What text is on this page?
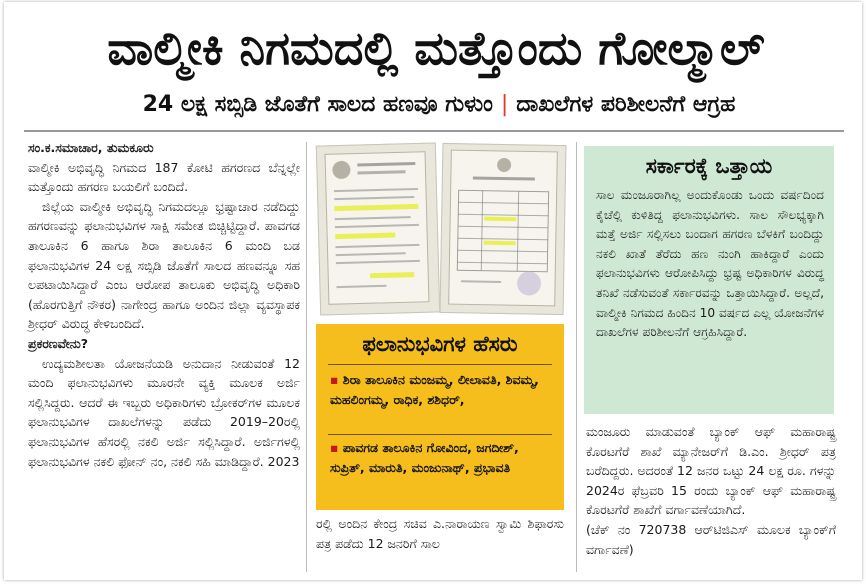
ವಾಲ್ಮೀಕಿ ನಿಗಮದಲ್ಲಿ ಮತ್ತೊಂದು ಗೋಲ್ಮಾಲ್
24 ಲಕ್ಷ ಸಬ್ಸಿಡಿ ಜೊತೆಗೆ ಸಾಲದ ಹಣವೂ ಗುಳುಂ | ದಾಖಲೆಗಳ ಪರಿಶೀಲನೆಗೆ ಆಗ್ರಹ

ಸಂ.ಕ.ಸಮಾಚಾರ, ತುಮಕೂರು

ವಾಲ್ಮೀಕಿ ಅಭಿವೃದ್ಧಿ ನಿಗಮದ 187 ಕೋಟಿ ಹಗರಣದ ಬೆನ್ನಲ್ಲೇ ಮತ್ತೊಂದು ಹಗರಣ ಬಯಲಿಗೆ ಬಂದಿದೆ.

ಜಿಲ್ಲೆಯ ವಾಲ್ಮೀಕಿ ಅಭಿವೃದ್ಧಿ ನಿಗಮದಲ್ಲೂ ಭ್ರಷ್ಟಾಚಾರ ನಡೆದಿದ್ದು ಹಗರಣವನ್ನು ಫಲಾನುಭವಿಗಳ ಸಾಕ್ಷಿ ಸಮೇತ ಬಿಚ್ಚಿಟ್ಟಿದ್ದಾರೆ. ಪಾವಗಡ ತಾಲೂಕಿನ 6 ಹಾಗೂ ಶಿರಾ ತಾಲೂಕಿನ 6 ಮಂದಿ ಬಡ ಫಲಾನುಭವಿಗಳ 24 ಲಕ್ಷ ಸಬ್ಸಿಡಿ ಜೊತೆಗೆ ಸಾಲದ ಹಣವನ್ನೂ ಸಹ ಲಪಟಾಯಿಸಿದ್ದಾರೆ ಎಂಬ ಆರೋಪ ತಾಲೂಕು ಅಭಿವೃದ್ಧಿ ಅಧಿಕಾರಿ (ಹೊರಗುತ್ತಿಗೆ ನೌಕರ) ನಾಗೇಂದ್ರ ಹಾಗೂ ಅಂದಿನ ಜಿಲ್ಲಾ ವ್ಯವಸ್ಥಾಪಕ ಶ್ರೀಧರ್ ವಿರುದ್ಧ ಕೇಳಿಬಂದಿದೆ.

ಪ್ರಕರಣವೇನು?

ಉದ್ಯಮಶೀಲತಾ ಯೋಜನೆಯಡಿ ಅನುದಾನ ನೀಡುವಂತೆ 12 ಮಂದಿ ಫಲಾನುಭವಿಗಳು ಮೂರನೇ ವ್ಯಕ್ತಿ ಮೂಲಕ ಅರ್ಜಿ ಸಲ್ಲಿಸಿದ್ದರು. ಆದರೆ ಈ ಇಬ್ಬರು ಅಧಿಕಾರಿಗಳು ಬ್ರೋಕರ್‌ಗಳ ಮೂಲಕ ಫಲಾನುಭವಿಗಳ ದಾಖಲೆಗಳನ್ನು ಪಡೆದು 2019–20ರಲ್ಲಿ ಫಲಾನುಭವಿಗಳ ಹೆಸರಲ್ಲಿ ನಕಲಿ ಅರ್ಜಿ ಸಲ್ಲಿಸಿದ್ದಾರೆ. ಅರ್ಜಿಗಳಲ್ಲಿ ಫಲಾನುಭವಿಗಳ ನಕಲಿ ಫೋನ್ ನಂ, ನಕಲಿ ಸಹಿ ಮಾಡಿದ್ದಾರೆ. 2023

ಫಲಾನುಭವಿಗಳ ಹೆಸರು
▪ ಶಿರಾ ತಾಲೂಕಿನ ಮಂಜಮ್ಮ, ಲೀಲಾವತಿ, ಶಿವಮ್ಮ, ಮಹಲಿಂಗಮ್ಮ, ರಾಧಿಕ, ಶಶಿಧರ್,
▪ ಪಾವಗಡ ತಾಲೂಕಿನ ಗೋವಿಂದ, ಜಗದೀಶ್, ಸುಪ್ರಿತ್, ಮಾರುತಿ, ಮಂಜುನಾಥ್, ಪ್ರಭಾವತಿ
ರಲ್ಲಿ ಅಂದಿನ ಕೇಂದ್ರ ಸಚಿವ ಎ.ನಾರಾಯಣ ಸ್ವಾಮಿ ಶಿಫಾರಸು ಪತ್ರ ಪಡೆದು 12 ಜನರಿಗೆ ಸಾಲ
ಸರ್ಕಾರಕ್ಕೆ ಒತ್ತಾಯ
ಸಾಲ ಮಂಜೂರಾಗಿಲ್ಲ ಅಂದುಕೊಂಡು ಒಂದು ವರ್ಷದಿಂದ ಕೈಚೆಲ್ಲಿ ಕುಳಿತಿದ್ದ ಫಲಾನುಭವಿಗಳು. ಸಾಲ ಸೌಲಭ್ಯಕ್ಕಾಗಿ ಮತ್ತೆ ಅರ್ಜಿ ಸಲ್ಲಿಸಲು ಬಂದಾಗ ಹಗರಣ ಬೆಳಕಿಗೆ ಬಂದಿದ್ದು ನಕಲಿ ಖಾತೆ ತೆರೆದು ಹಣ ನುಂಗಿ ಹಾಕಿದ್ದಾರೆ ಎಂದು ಫಲಾನುಭವಿಗಳು ಆರೋಪಿಸಿದ್ದು ಭ್ರಷ್ಟ ಅಧಿಕಾರಿಗಳ ವಿರುದ್ಧ ತನಿಖೆ ನಡೆಸುವಂತೆ ಸರ್ಕಾರವನ್ನು ಒತ್ತಾಯಿಸಿದ್ದಾರೆ. ಅಲ್ಲದೆ, ವಾಲ್ಮೀಕಿ ನಿಗಮದ ಹಿಂದಿನ 10 ವರ್ಷದ ಎಲ್ಲ ಯೋಜನೆಗಳ ದಾಖಲೆಗಳ ಪರಿಶೀಲನೆಗೆ ಆಗ್ರಹಿಸಿದ್ದಾರೆ.

ಮಂಜೂರು ಮಾಡುವಂತೆ ಬ್ಯಾಂಕ್ ಆಫ್ ಮಹಾರಾಷ್ಟ್ರ ಕೊರಟಗೆರೆ ಶಾಖೆ ಮ್ಯಾನೇಜರ್‌ಗೆ ಡಿ.ಎಂ. ಶ್ರೀಧರ್ ಪತ್ರ ಬರೆದಿದ್ದರು. ಅದರಂತೆ 12 ಜನರ ಒಟ್ಟು 24 ಲಕ್ಷ ರೂ. ಗಳನ್ನು 2024ರ ಫೆಬ್ರವರಿ 15 ರಂದು ಬ್ಯಾಂಕ್ ಆಫ್ ಮಹಾರಾಷ್ಟ್ರ ಕೊರಟಗೆರೆ ಶಾಖೆಗೆ ವರ್ಗಾವಣೆಯಾಗಿದೆ.

(ಚೆಕ್ ನಂ 720738 ಆರ್‌ಟಿಜಿಎಸ್ ಮೂಲಕ ಬ್ಯಾಂಕ್‌ಗೆ ವರ್ಗಾವಣೆ)
